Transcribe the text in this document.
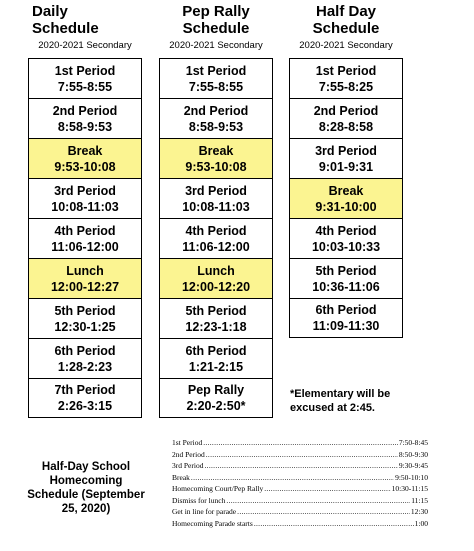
Daily
Schedule
2020-2021 Secondary
Pep Rally
Schedule
2020-2021 Secondary
Half Day
Schedule
2020-2021 Secondary
1st Period
7:55-8:55
2nd Period
8:58-9:53
Break
9:53-10:08
3rd Period
10:08-11:03
4th Period
11:06-12:00
Lunch
12:00-12:27
5th Period
12:30-1:25
6th Period
1:28-2:23
7th Period
2:26-3:15
1st Period
7:55-8:55
2nd Period
8:58-9:53
Break
9:53-10:08
3rd Period
10:08-11:03
4th Period
11:06-12:00
Lunch
12:00-12:20
5th Period
12:23-1:18
6th Period
1:21-2:15
Pep Rally
2:20-2:50*
1st Period
7:55-8:25
2nd Period
8:28-8:58
3rd Period
9:01-9:31
Break
9:31-10:00
4th Period
10:03-10:33
5th Period
10:36-11:06
6th Period
11:09-11:30
*Elementary will be excused at 2:45.
Half-Day School Homecoming Schedule (September 25, 2020)
1st Period .....	7:50-8:45
2nd Period .....	8:50-9:30
3rd Period .....	9:30-9:45
Break .....	9:50-10:10
Homecoming Court/Pep Rally .....	10:30-11:15
Dismiss for lunch .....	11:15
Get in line for parade .....	12:30
Homecoming Parade starts .....	1:00
